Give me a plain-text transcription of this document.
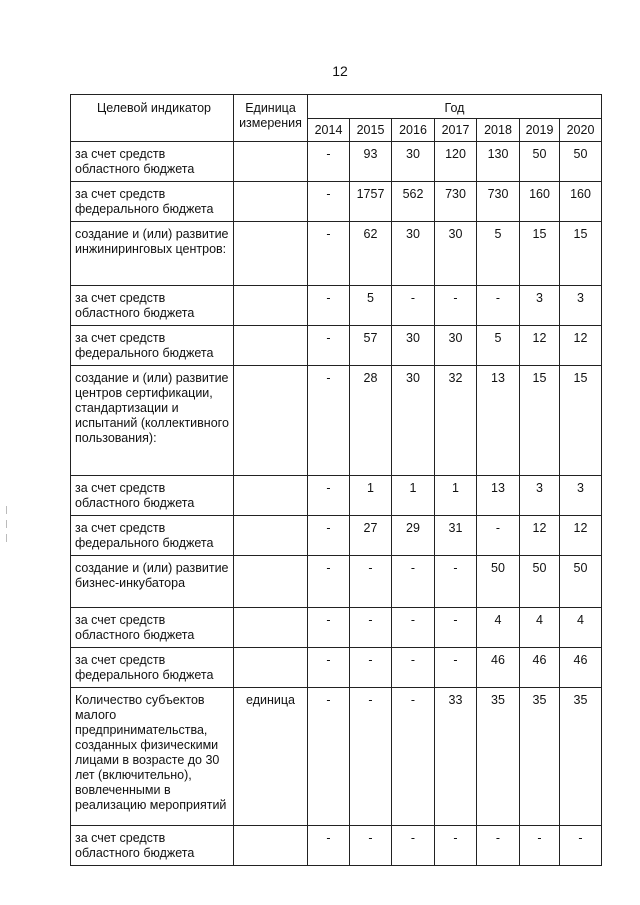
12
Целевой индикатор	Единица измерения	Год						
		2014	2015	2016	2017	2018	2019	2020
за счет средств областного бюджета		-	93	30	120	130	50	50
за счет средств федерального бюджета		-	1757	562	730	730	160	160
создание и (или) развитие инжиниринговых центров:		-	62	30	30	5	15	15
за счет средств областного бюджета		-	5	-	-	-	3	3
за счет средств федерального бюджета		-	57	30	30	5	12	12
создание и (или) развитие центров сертификации, стандартизации и испытаний (коллективного пользования):		-	28	30	32	13	15	15
за счет средств областного бюджета		-	1	1	1	13	3	3
за счет средств федерального бюджета		-	27	29	31	-	12	12
создание и (или) развитие бизнес-инкубатора		-	-	-	-	50	50	50
за счет средств областного бюджета		-	-	-	-	4	4	4
за счет средств федерального бюджета		-	-	-	-	46	46	46
Количество субъектов малого предпринимательства, созданных физическими лицами в возрасте до 30 лет (включительно), вовлеченными в реализацию мероприятий	единица	-	-	-	33	35	35	35
за счет средств областного бюджета		-	-	-	-	-	-	-
